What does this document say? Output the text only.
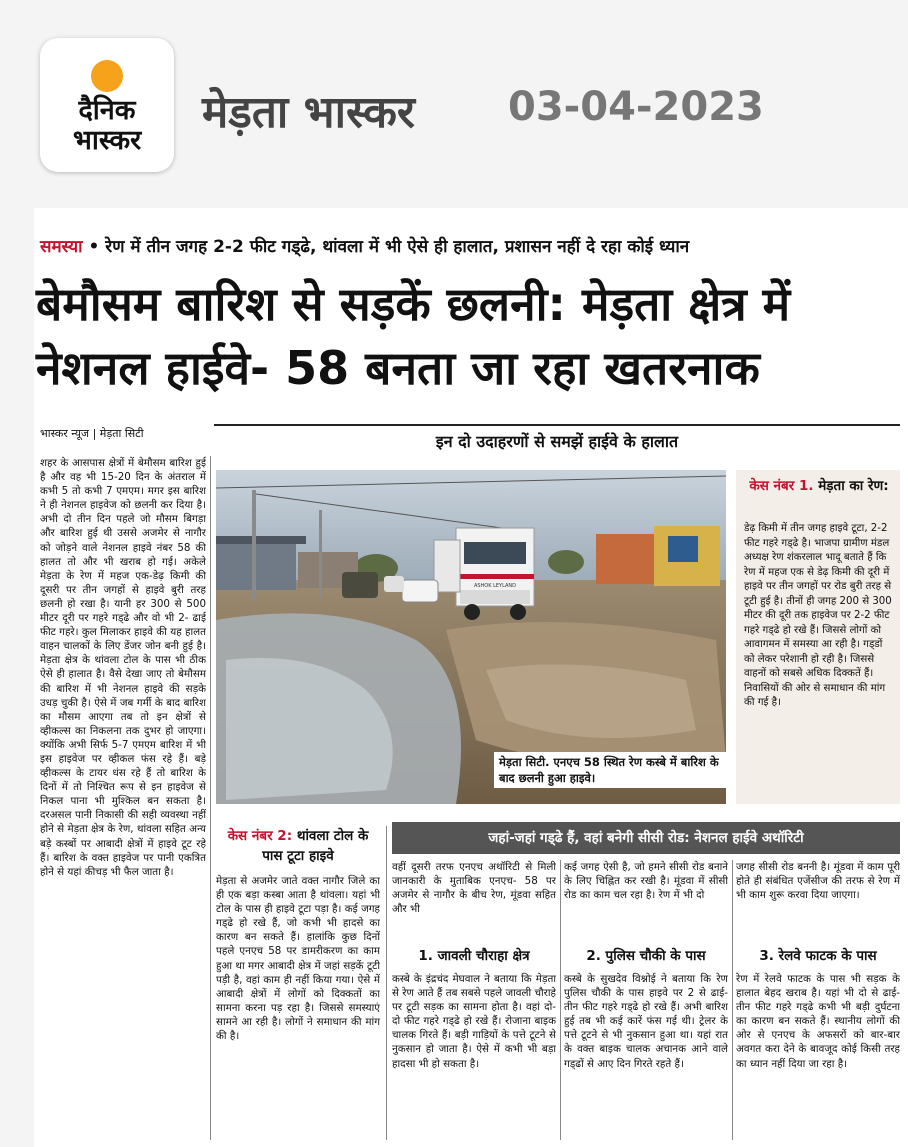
दैनिक
भास्कर
मेड़ता भास्कर 03-04-2023
समस्या • रेण में तीन जगह 2-2 फीट गड्‌ढे, थांवला में भी ऐसे ही हालात, प्रशासन नहीं दे रहा कोई ध्यान
बेमौसम बारिश से सड़कें छलनी: मेड़ता क्षेत्र में नेशनल हाईवे- 58 बनता जा रहा खतरनाक
भास्कर न्यूज | मेड़ता सिटी	इन दो उदाहरणों से समझें हाईवे के हालात
शहर के आसपास क्षेत्रों में बेमौसम बारिश हुई है और वह भी 15-20 दिन के अंतराल में कभी 5 तो कभी 7 एमएम। मगर इस बारिश ने ही नेशनल हाइवेज को छलनी कर दिया है। अभी दो तीन दिन पहले जो मौसम बिगड़ा और बारिश हुई थी उससे अजमेर से नागौर को जोड़ने वाले नेशनल हाइवे नंबर 58 की हालत तो और भी खराब हो गई। अकेले मेड़ता के रेण में महज एक-डेढ़ किमी की दूसरी पर तीन जगहों से हाइवे बुरी तरह छलनी हो रखा है। यानी हर 300 से 500 मीटर दूरी पर गहरे गड्‌ढे और वो भी 2- ढाई फीट गहरे। कुल मिलाकर हाइवे की यह हालत वाहन चालकों के लिए डेंजर जोन बनी हुई है। मेड़ता क्षेत्र के थांवला टोल के पास भी ठीक ऐसे ही हालात है। वैसे देखा जाए तो बेमौसम की बारिश में भी नेशनल हाइवे की सड़के उधड़ चुकी है। ऐसे में जब गर्मी के बाद बारिश का मौसम आएगा तब तो इन क्षेत्रों से व्हीकल्स का निकलना तक दुभर हो जाएगा। क्योंकि अभी सिर्फ 5-7 एमएम बारिश में भी इस हाइवेज पर व्हीकल फंस रहे हैं। बड़े व्हीकल्स के टायर धंस रहे हैं तो बारिश के दिनों में तो निश्चित रूप से इन हाइवेज से निकल पाना भी मुश्किल बन सकता है। दरअसल पानी निकासी की सही व्यवस्था नहीं होने से मेड़ता क्षेत्र के रेण, थांवला सहित अन्य बड़े कस्बों पर आबादी क्षेत्रों में हाइवे टूट रहे हैं। बारिश के वक्त हाइवेज पर पानी एकत्रित होने से यहां कीचड़ भी फैल जाता है।
ASHOK LEYLAND
मेड़ता सिटी. एनएच 58 स्थित रेण कस्बे में बारिश के बाद छलनी हुआ हाइवे।
केस नंबर 1. मेड़ता का रेण:
डेढ़ किमी में तीन जगह हाइवे टूटा, 2-2 फीट गहरे गड्‌ढे है। भाजपा ग्रामीण मंडल अध्यक्ष रेण शंकरलाल भादू बताते हैं कि रेण में महज एक से डेढ़ किमी की दूरी में हाइवे पर तीन जगहों पर रोड बुरी तरह से टूटी हुई है। तीनों ही जगह 200 से 300 मीटर की दूरी तक हाइवेज पर 2-2 फीट गहरे गड्‌ढे हो रखे हैं। जिससे लोगों को आवागमन में समस्या आ रही है। गड्‌डों को लेकर परेशानी हो रही है। जिससे वाहनों को सबसे अधिक दिक्कतें हैं। निवासियों की ओर से समाधान की मांग की गई है।
केस नंबर 2: थांवला टोल के पास टूटा हाइवे
मेड़ता से अजमेर जाते वक्त नागौर जिले का ही एक बड़ा कस्बा आता है थांवला। यहां भी टोल के पास ही हाइवे टूटा पड़ा है। कई जगह गड्‌ढे हो रखे हैं, जो कभी भी हादसे का कारण बन सकते हैं। हालांकि कुछ दिनों पहले एनएच 58 पर डामरीकरण का काम हुआ था मगर आबादी क्षेत्र में जहां सड़कें टूटी पड़ी है, वहां काम ही नहीं किया गया। ऐसे में आबादी क्षेत्रों में लोगों को दिक्कतों का सामना करना पड़ रहा है। जिससे समस्याएं सामने आ रही है। लोगों ने समाधान की मांग की है।
जहां-जहां गड्‌ढे हैं, वहां बनेगी सीसी रोड: नेशनल हाईवे अथॉरिटी
वहीं दूसरी तरफ एनएच अथॉरिटी से मिली जानकारी के मुताबिक एनएच- 58 पर अजमेर से नागौर के बीच रेण, मूंडवा सहित और भी
कई जगह ऐसी है, जो हमने सीसी रोड बनाने के लिए चिह्नित कर रखी है। मूंडवा में सीसी रोड का काम चल रहा है। रेण में भी दो
जगह सीसी रोड बननी है। मूंडवा में काम पूरी होते ही संबंधित एजेंसीज की तरफ से रेण में भी काम शुरू करवा दिया जाएगा।
1. जावली चौराहा क्षेत्र	2. पुलिस चौकी के पास	3. रेलवे फाटक के पास
कस्बे के इंद्रचंद मेघवाल ने बताया कि मेड़ता से रेण आते हैं तब सबसे पहले जावली चौराहे पर टूटी सड़क का सामना होता है। वहां दो-दो फीट गहरे गड्‌ढे हो रखे हैं। रोजाना बाइक चालक गिरते हैं। बड़ी गाड़ियों के पत्ते टूटने से नुकसान हो जाता है। ऐसे में कभी भी बड़ा हादसा भी हो सकता है।
कस्बे के सुखदेव विश्नोई ने बताया कि रेण पुलिस चौकी के पास हाइवे पर 2 से ढाई-तीन फीट गहरे गड्‌ढे हो रखे हैं। अभी बारिश हुई तब भी कई कारें फंस गई थी। ट्रेलर के पत्ते टूटने से भी नुकसान हुआ था। यहां रात के वक्त बाइक चालक अचानक आने वाले गड्‌ढों से आए दिन गिरते रहते हैं।
रेण में रेलवे फाटक के पास भी सड़क के हालात बेहद खराब है। यहां भी दो से ढाई-तीन फीट गहरे गड्‌ढे कभी भी बड़ी दुर्घटना का कारण बन सकते हैं। स्थानीय लोगों की ओर से एनएच के अफसरों को बार-बार अवगत करा देने के बावजूद कोई किसी तरह का ध्यान नहीं दिया जा रहा है।
